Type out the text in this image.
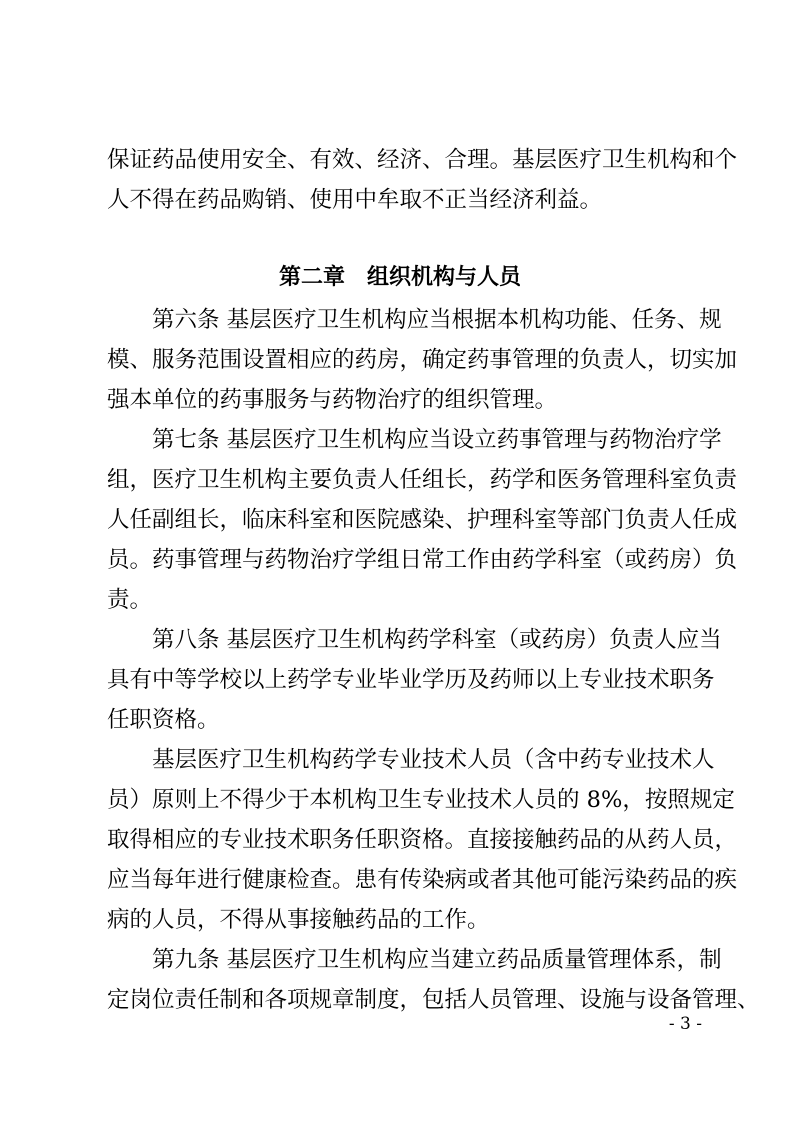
保证药品使用安全、有效、经济、合理。基层医疗卫生机构和个
人不得在药品购销、使用中牟取不正当经济利益。
第二章　组织机构与人员
　　第六条 基层医疗卫生机构应当根据本机构功能、任务、规
模、服务范围设置相应的药房，确定药事管理的负责人，切实加
强本单位的药事服务与药物治疗的组织管理。
　　第七条 基层医疗卫生机构应当设立药事管理与药物治疗学
组，医疗卫生机构主要负责人任组长，药学和医务管理科室负责
人任副组长，临床科室和医院感染、护理科室等部门负责人任成
员。药事管理与药物治疗学组日常工作由药学科室（或药房）负
责。
　　第八条 基层医疗卫生机构药学科室（或药房）负责人应当
具有中等学校以上药学专业毕业学历及药师以上专业技术职务
任职资格。
　　基层医疗卫生机构药学专业技术人员（含中药专业技术人
员）原则上不得少于本机构卫生专业技术人员的 8%，按照规定
取得相应的专业技术职务任职资格。直接接触药品的从药人员，
应当每年进行健康检查。患有传染病或者其他可能污染药品的疾
病的人员，不得从事接触药品的工作。
　　第九条 基层医疗卫生机构应当建立药品质量管理体系，制
定岗位责任制和各项规章制度，包括人员管理、设施与设备管理、
- 3 -
